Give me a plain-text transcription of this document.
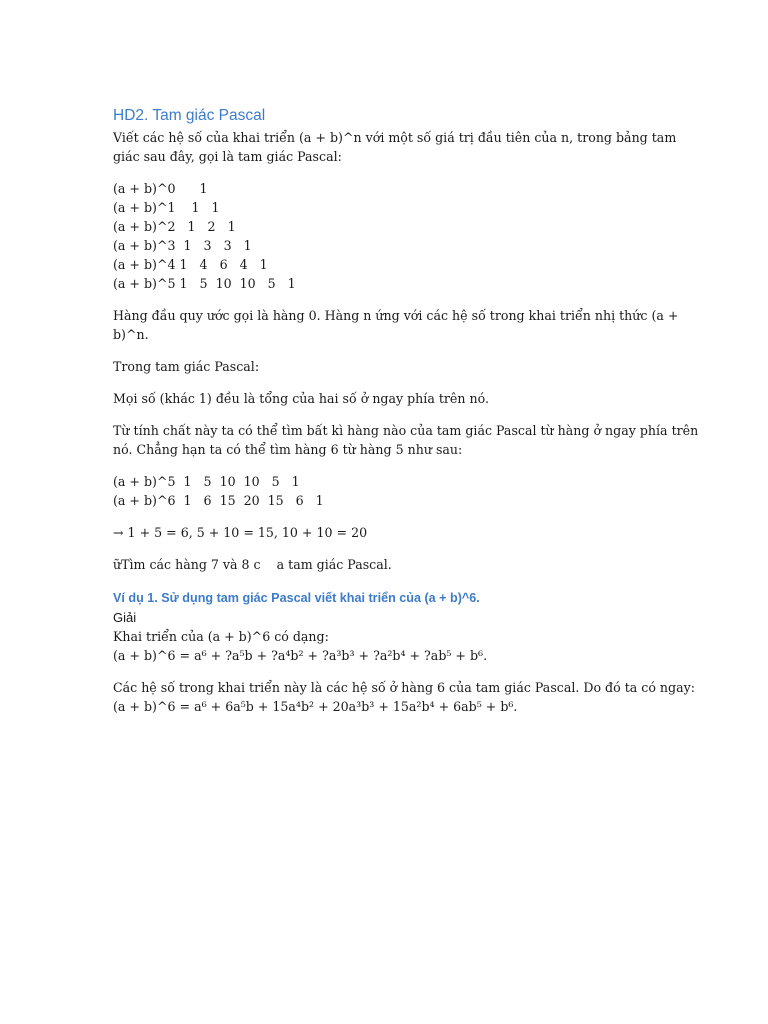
HD2. Tam giác Pascal
Viết các hệ số của khai triển (a + b)^n với một số giá trị đầu tiên của n, trong bảng tam
giác sau đây, gọi là tam giác Pascal:
(a + b)^0      1
(a + b)^1    1   1
(a + b)^2   1   2   1
(a + b)^3  1   3   3   1
(a + b)^4 1   4   6   4   1
(a + b)^5 1   5  10  10   5   1
Hàng đầu quy ước gọi là hàng 0. Hàng n ứng với các hệ số trong khai triển nhị thức (a +
b)^n.
Trong tam giác Pascal:
Mọi số (khác 1) đều là tổng của hai số ở ngay phía trên nó.
Từ tính chất này ta có thể tìm bất kì hàng nào của tam giác Pascal từ hàng ở ngay phía trên
nó. Chẳng hạn ta có thể tìm hàng 6 từ hàng 5 như sau:
(a + b)^5  1   5  10  10   5   1
(a + b)^6  1   6  15  20  15   6   1
→ 1 + 5 = 6, 5 + 10 = 15, 10 + 10 = 20
ữTìm các hàng 7 và 8 c    a tam giác Pascal.
Ví dụ 1. Sử dụng tam giác Pascal viết khai triển của (a + b)^6.
Giải
Khai triển của (a + b)^6 có dạng:
(a + b)^6 = a⁶ + ?a⁵b + ?a⁴b² + ?a³b³ + ?a²b⁴ + ?ab⁵ + b⁶.
Các hệ số trong khai triển này là các hệ số ở hàng 6 của tam giác Pascal. Do đó ta có ngay:
(a + b)^6 = a⁶ + 6a⁵b + 15a⁴b² + 20a³b³ + 15a²b⁴ + 6ab⁵ + b⁶.
